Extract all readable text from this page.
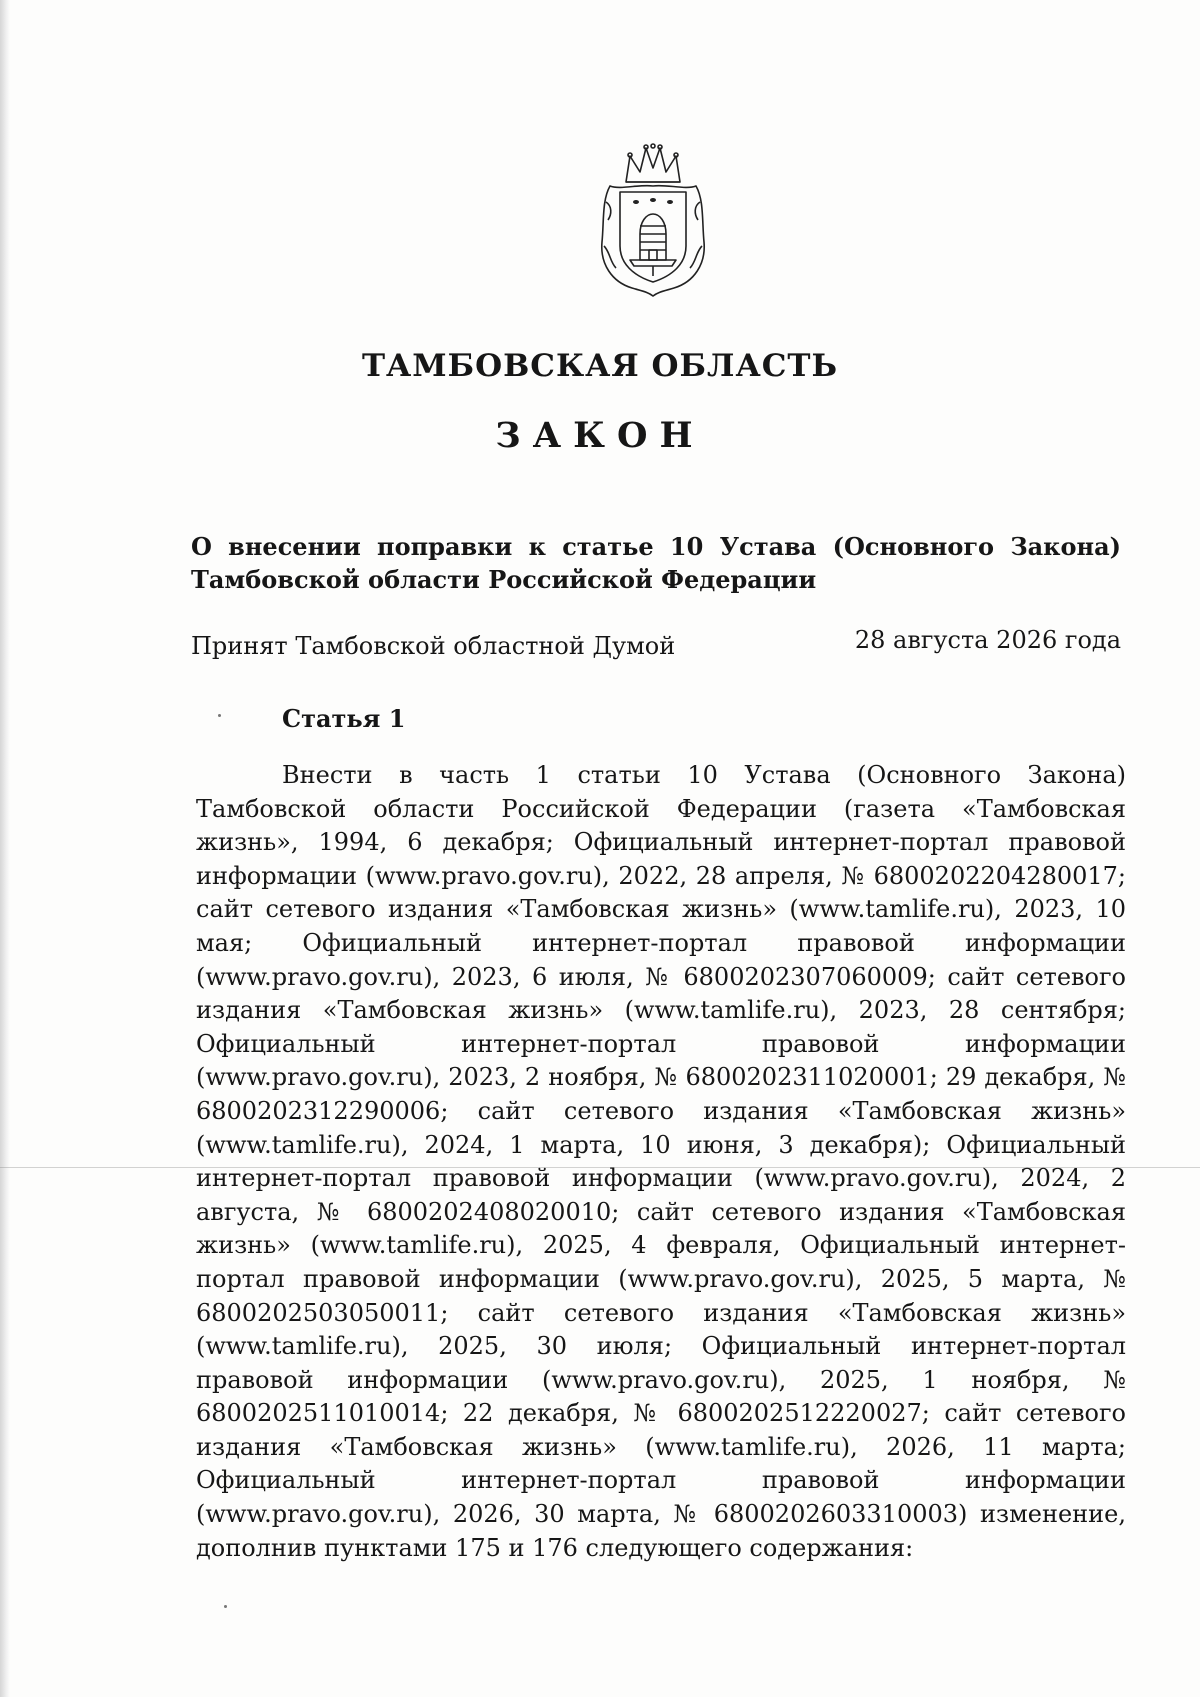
ТАМБОВСКАЯ ОБЛАСТЬ
ЗАКОН
О внесении поправки к статье 10 Устава (Основного Закона) Тамбовской области Российской Федерации
Принят Тамбовской областной Думой	28 августа 2026 года
Статья 1

Внести в часть 1 статьи 10 Устава (Основного Закона) Тамбовской области Российской Федерации (газета «Тамбовская жизнь», 1994, 6 декабря; Официальный интернет-портал правовой информации (www.pravo.gov.ru), 2022, 28 апреля, № 6800202204280017; сайт сетевого издания «Тамбовская жизнь» (www.tamlife.ru), 2023, 10 мая; Официальный интернет-портал правовой информации (www.pravo.gov.ru), 2023, 6 июля, № 6800202307060009; сайт сетевого издания «Тамбовская жизнь» (www.tamlife.ru), 2023, 28 сентября; Официальный интернет-портал правовой информации (www.pravo.gov.ru), 2023, 2 ноября, № 6800202311020001; 29 декабря, № 6800202312290006; сайт сетевого издания «Тамбовская жизнь» (www.tamlife.ru), 2024, 1 марта, 10 июня, 3 декабря); Официальный интернет-портал правовой информации (www.pravo.gov.ru), 2024, 2 августа, № 6800202408020010; сайт сетевого издания «Тамбовская жизнь» (www.tamlife.ru), 2025, 4 февраля, Официальный интернет-портал правовой информации (www.pravo.gov.ru), 2025, 5 марта, № 6800202503050011; сайт сетевого издания «Тамбовская жизнь» (www.tamlife.ru), 2025, 30 июля; Официальный интернет-портал правовой информации (www.pravo.gov.ru), 2025, 1 ноября, № 6800202511010014; 22 декабря, № 6800202512220027; сайт сетевого издания «Тамбовская жизнь» (www.tamlife.ru), 2026, 11 марта; Официальный интернет-портал правовой информации (www.pravo.gov.ru), 2026, 30 марта, № 6800202603310003) изменение, дополнив пунктами 175 и 176 следующего содержания:
